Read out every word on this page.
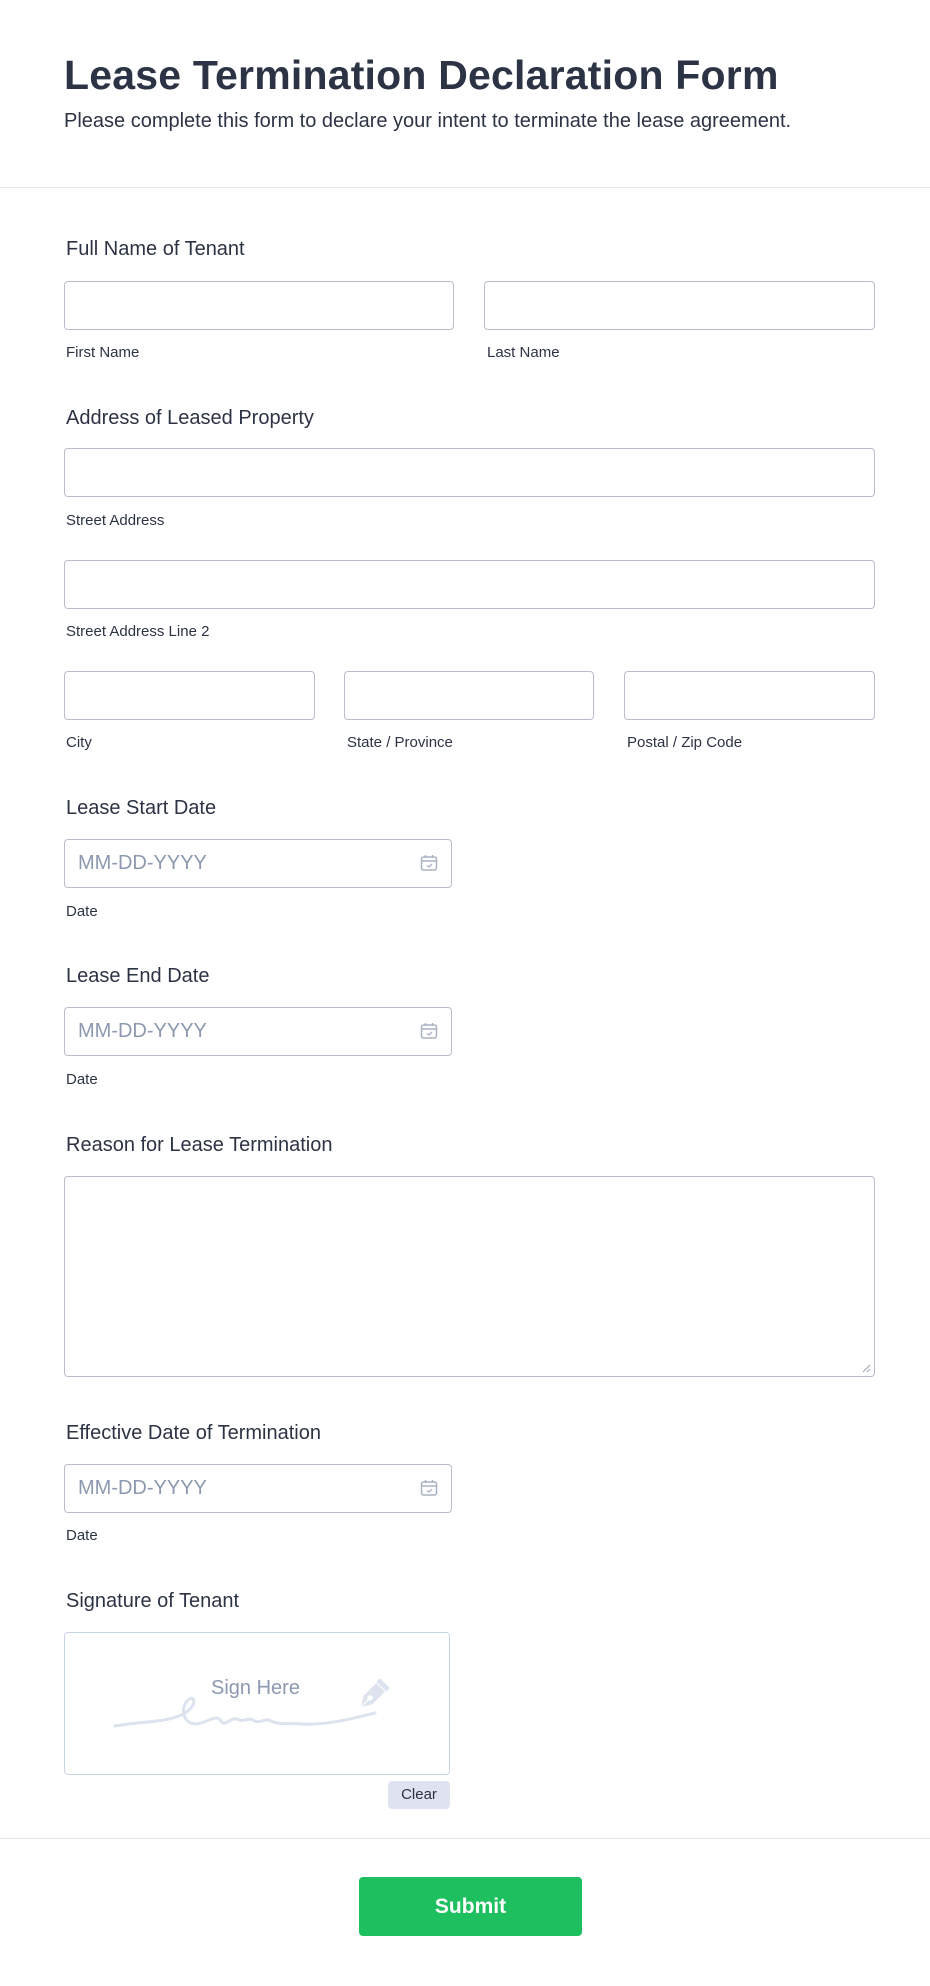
Lease Termination Declaration Form
Please complete this form to declare your intent to terminate the lease agreement.
Full Name of Tenant
First Name	Last Name
Address of Leased Property
Street Address
Street Address Line 2
City	State / Province	Postal / Zip Code
Lease Start Date
MM-DD-YYYY
Date
Lease End Date
MM-DD-YYYY
Date
Reason for Lease Termination
Effective Date of Termination
MM-DD-YYYY
Date
Signature of Tenant
Sign Here
Clear
Submit
